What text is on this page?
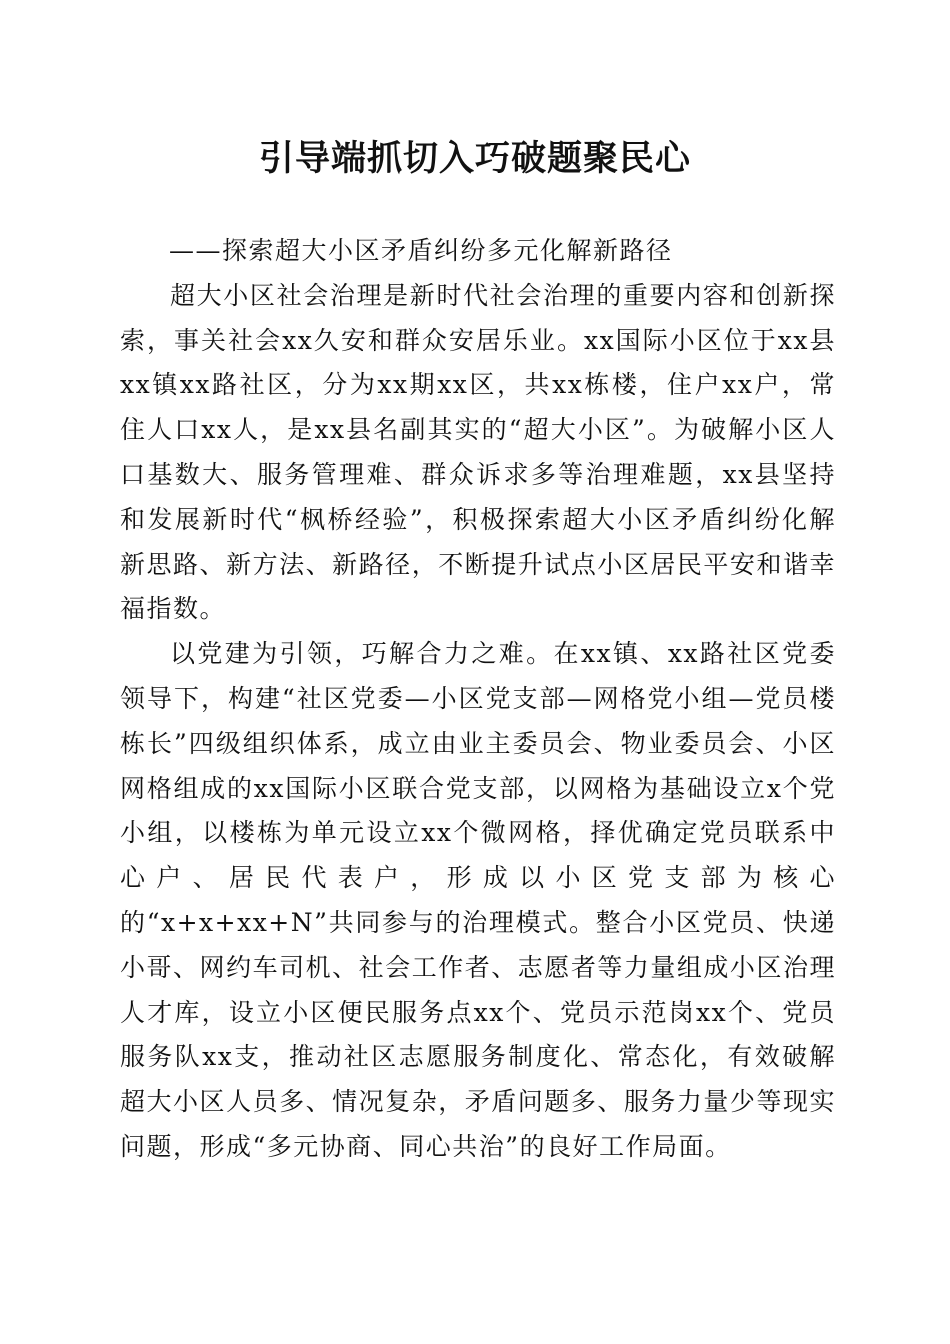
引导端抓切入巧破题聚民心
——探索超大小区矛盾纠纷多元化解新路径

超大小区社会治理是新时代社会治理的重要内容和创新探索，事关社会xx久安和群众安居乐业。xx国际小区位于xx县xx镇xx路社区，分为xx期xx区，共xx栋楼，住户xx户，常住人口xx人，是xx县名副其实的“超大小区”。为破解小区人口基数大、服务管理难、群众诉求多等治理难题，xx县坚持和发展新时代“枫桥经验”，积极探索超大小区矛盾纠纷化解新思路、新方法、新路径，不断提升试点小区居民平安和谐幸福指数。

以党建为引领，巧解合力之难。在xx镇、xx路社区党委领导下，构建“社区党委—小区党支部—网格党小组—党员楼栋长”四级组织体系，成立由业主委员会、物业委员会、小区网格组成的xx国际小区联合党支部，以网格为基础设立x个党小组，以楼栋为单元设立xx个微网格，择优确定党员联系中心户、居民代表户，形成以小区党支部为核心的“x+x+xx+N”共同参与的治理模式。整合小区党员、快递小哥、网约车司机、社会工作者、志愿者等力量组成小区治理人才库，设立小区便民服务点xx个、党员示范岗xx个、党员服务队xx支，推动社区志愿服务制度化、常态化，有效破解超大小区人员多、情况复杂，矛盾问题多、服务力量少等现实问题，形成“多元协商、同心共治”的良好工作局面。
